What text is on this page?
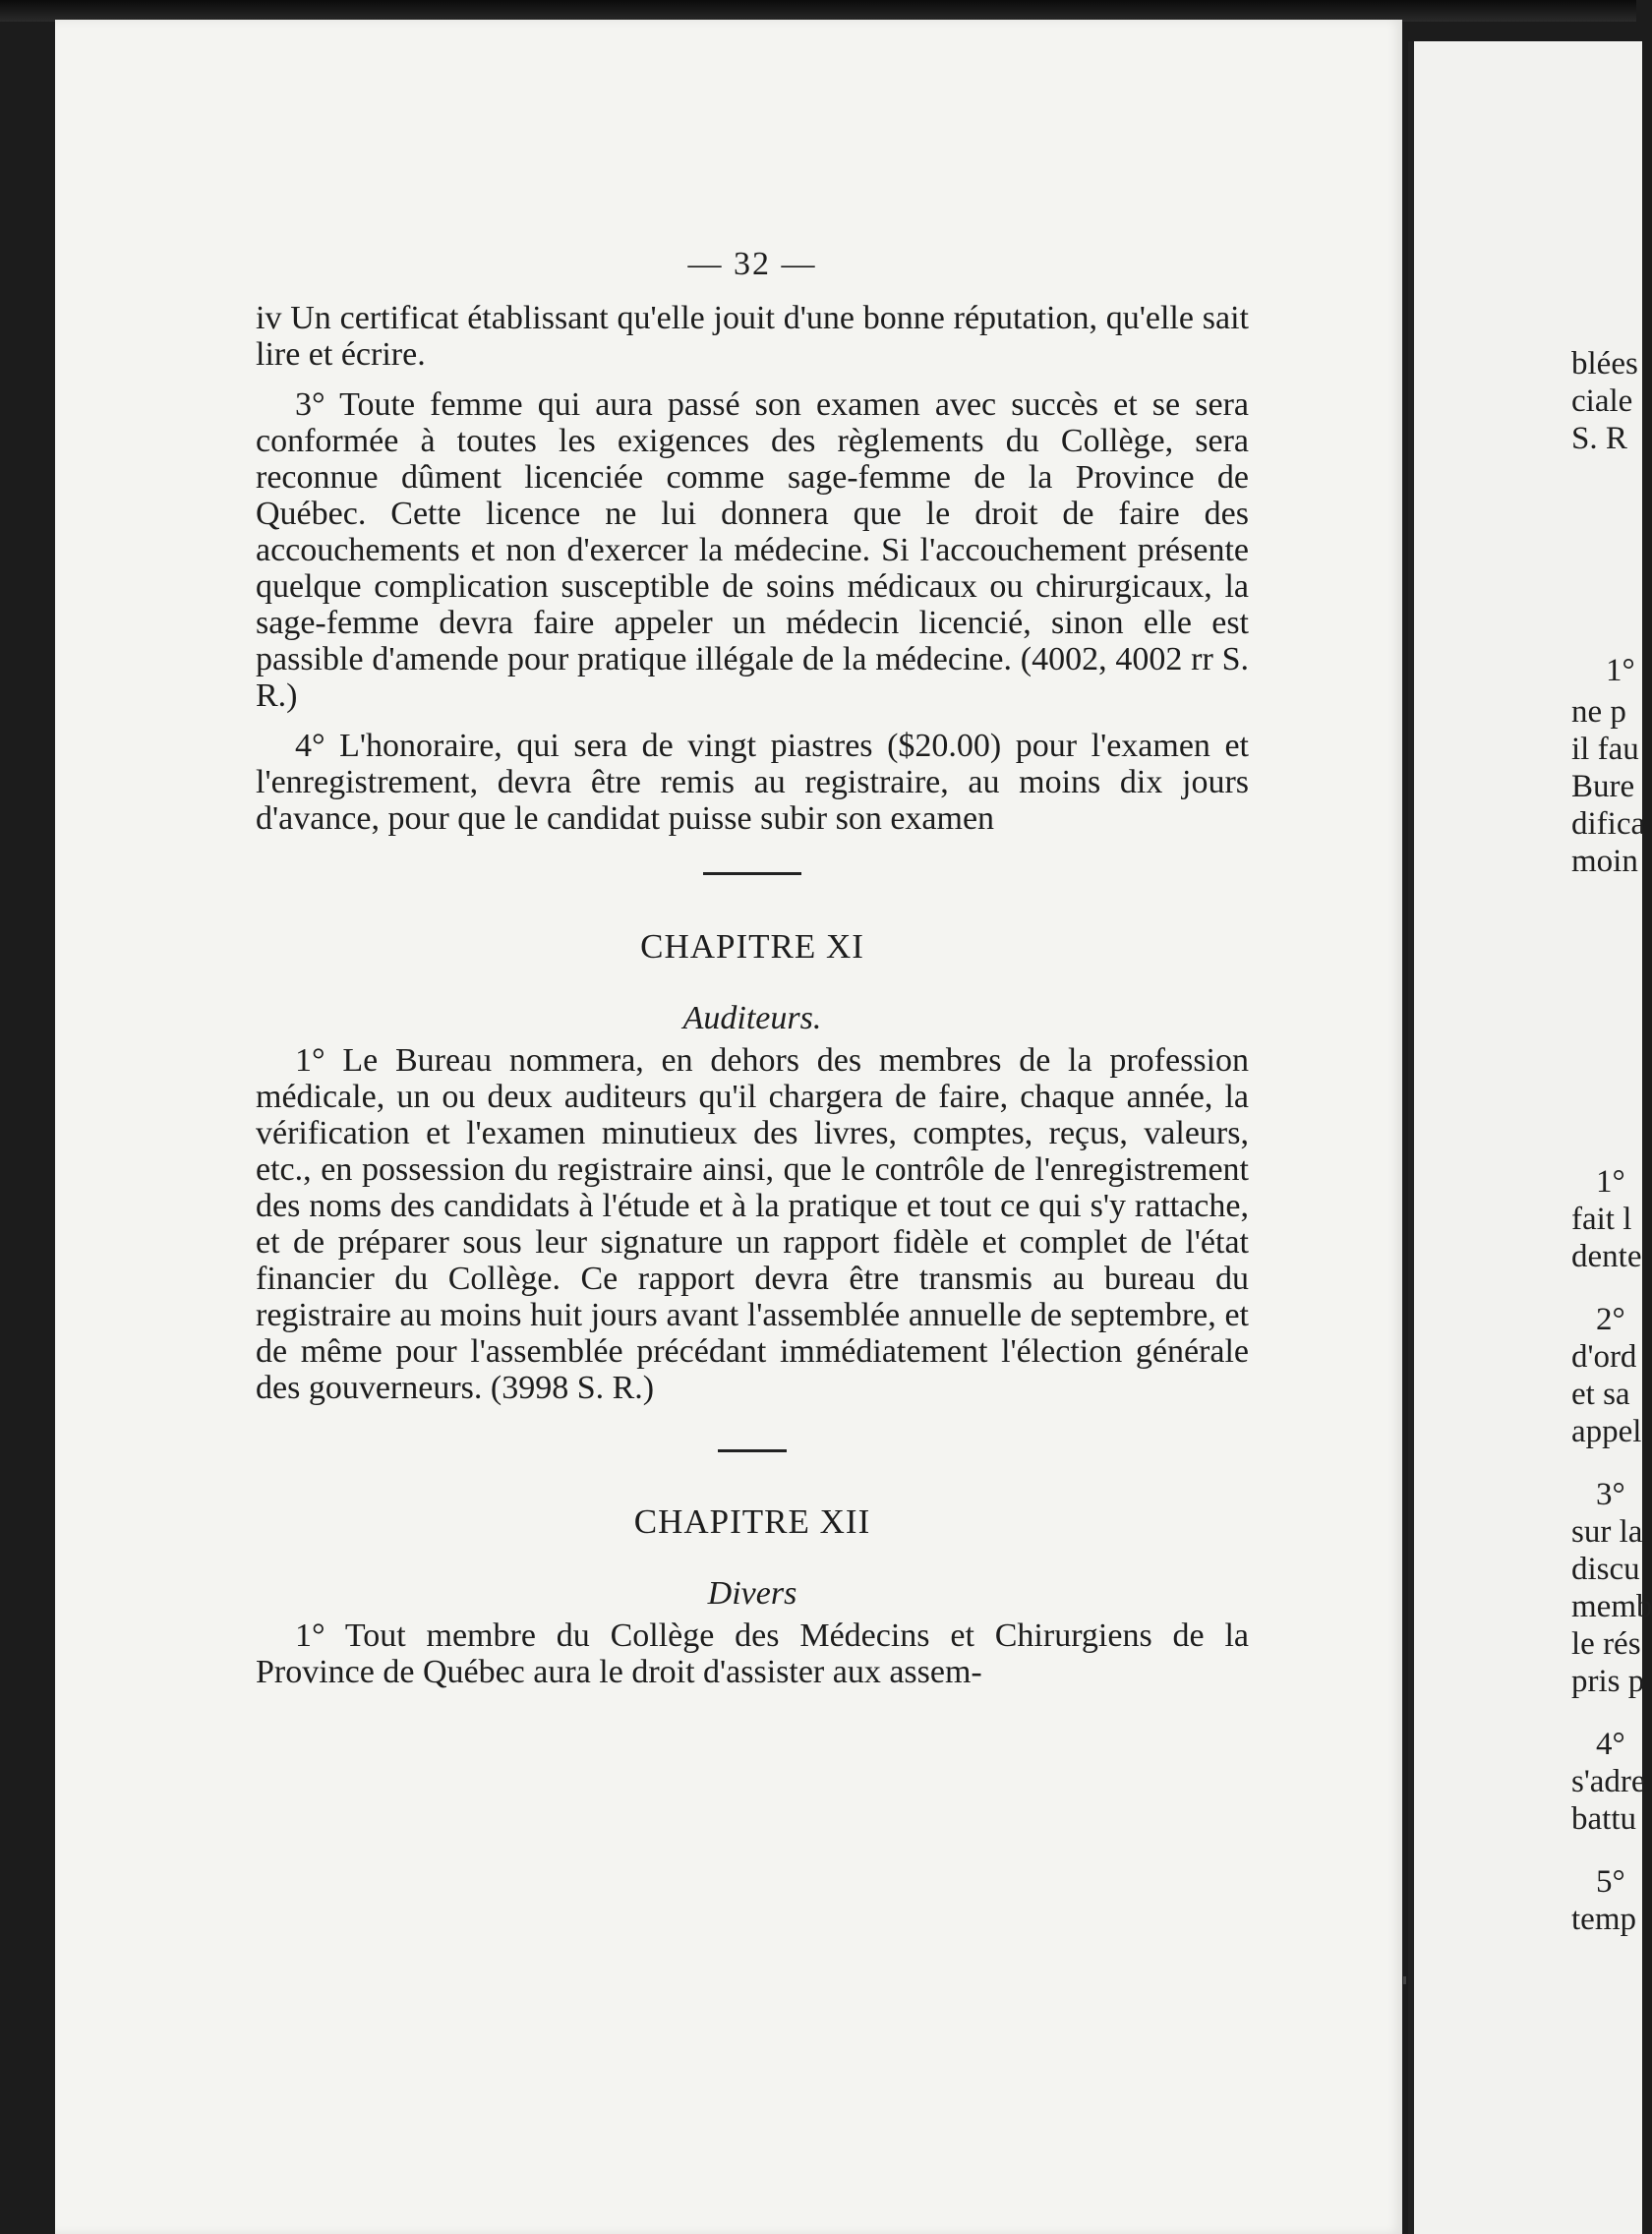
— 32 —

iv Un certificat établissant qu'elle jouit d'une bonne réputation, qu'elle sait lire et écrire.

3° Toute femme qui aura passé son examen avec succès et se sera conformée à toutes les exigences des règlements du Collège, sera reconnue dûment licenciée comme sage-femme de la Province de Québec. Cette licence ne lui donnera que le droit de faire des accouchements et non d'exercer la médecine. Si l'accouchement présente quelque complication susceptible de soins médicaux ou chirurgicaux, la sage-femme devra faire appeler un médecin licencié, sinon elle est passible d'amende pour pratique illégale de la médecine. (4002, 4002 rr S. R.)

4° L'honoraire, qui sera de vingt piastres ($20.00) pour l'examen et l'enregistrement, devra être remis au registraire, au moins dix jours d'avance, pour que le candidat puisse subir son examen

CHAPITRE XI

Auditeurs.

1° Le Bureau nommera, en dehors des membres de la profession médicale, un ou deux auditeurs qu'il chargera de faire, chaque année, la vérification et l'examen minutieux des livres, comptes, reçus, valeurs, etc., en possession du registraire ainsi, que le contrôle de l'enregistrement des noms des candidats à l'étude et à la pratique et tout ce qui s'y rattache, et de préparer sous leur signature un rapport fidèle et complet de l'état financier du Collège. Ce rapport devra être transmis au bureau du registraire au moins huit jours avant l'assemblée annuelle de septembre, et de même pour l'assemblée précédant immédiatement l'élection générale des gouverneurs. (3998 S. R.)

CHAPITRE XII

Divers

1° Tout membre du Collège des Médecins et Chirurgiens de la Province de Québec aura le droit d'assister aux assem-

blées
ciale
S. R
1°
ne p
il fau
Bure
difica
moin
1°
fait l
dente
2°
d'ord
et sa
appel
3°
sur la
discu
memb
le rés
pris p
4°
s'adre
battu
5°
temp
